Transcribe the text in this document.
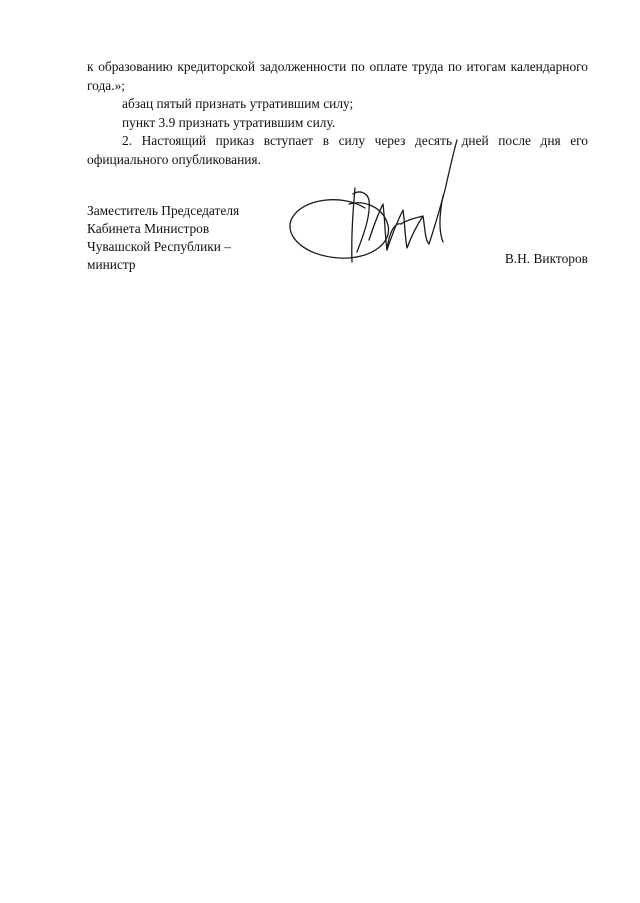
к образованию кредиторской задолженности по оплате труда по итогам календарного года.»;

абзац пятый признать утратившим силу;

пункт 3.9 признать утратившим силу.

2. Настоящий приказ вступает в силу через десять дней после дня его официального опубликования.

Заместитель Председателя
Кабинета Министров
Чувашской Республики –
министр	В.Н. Викторов
